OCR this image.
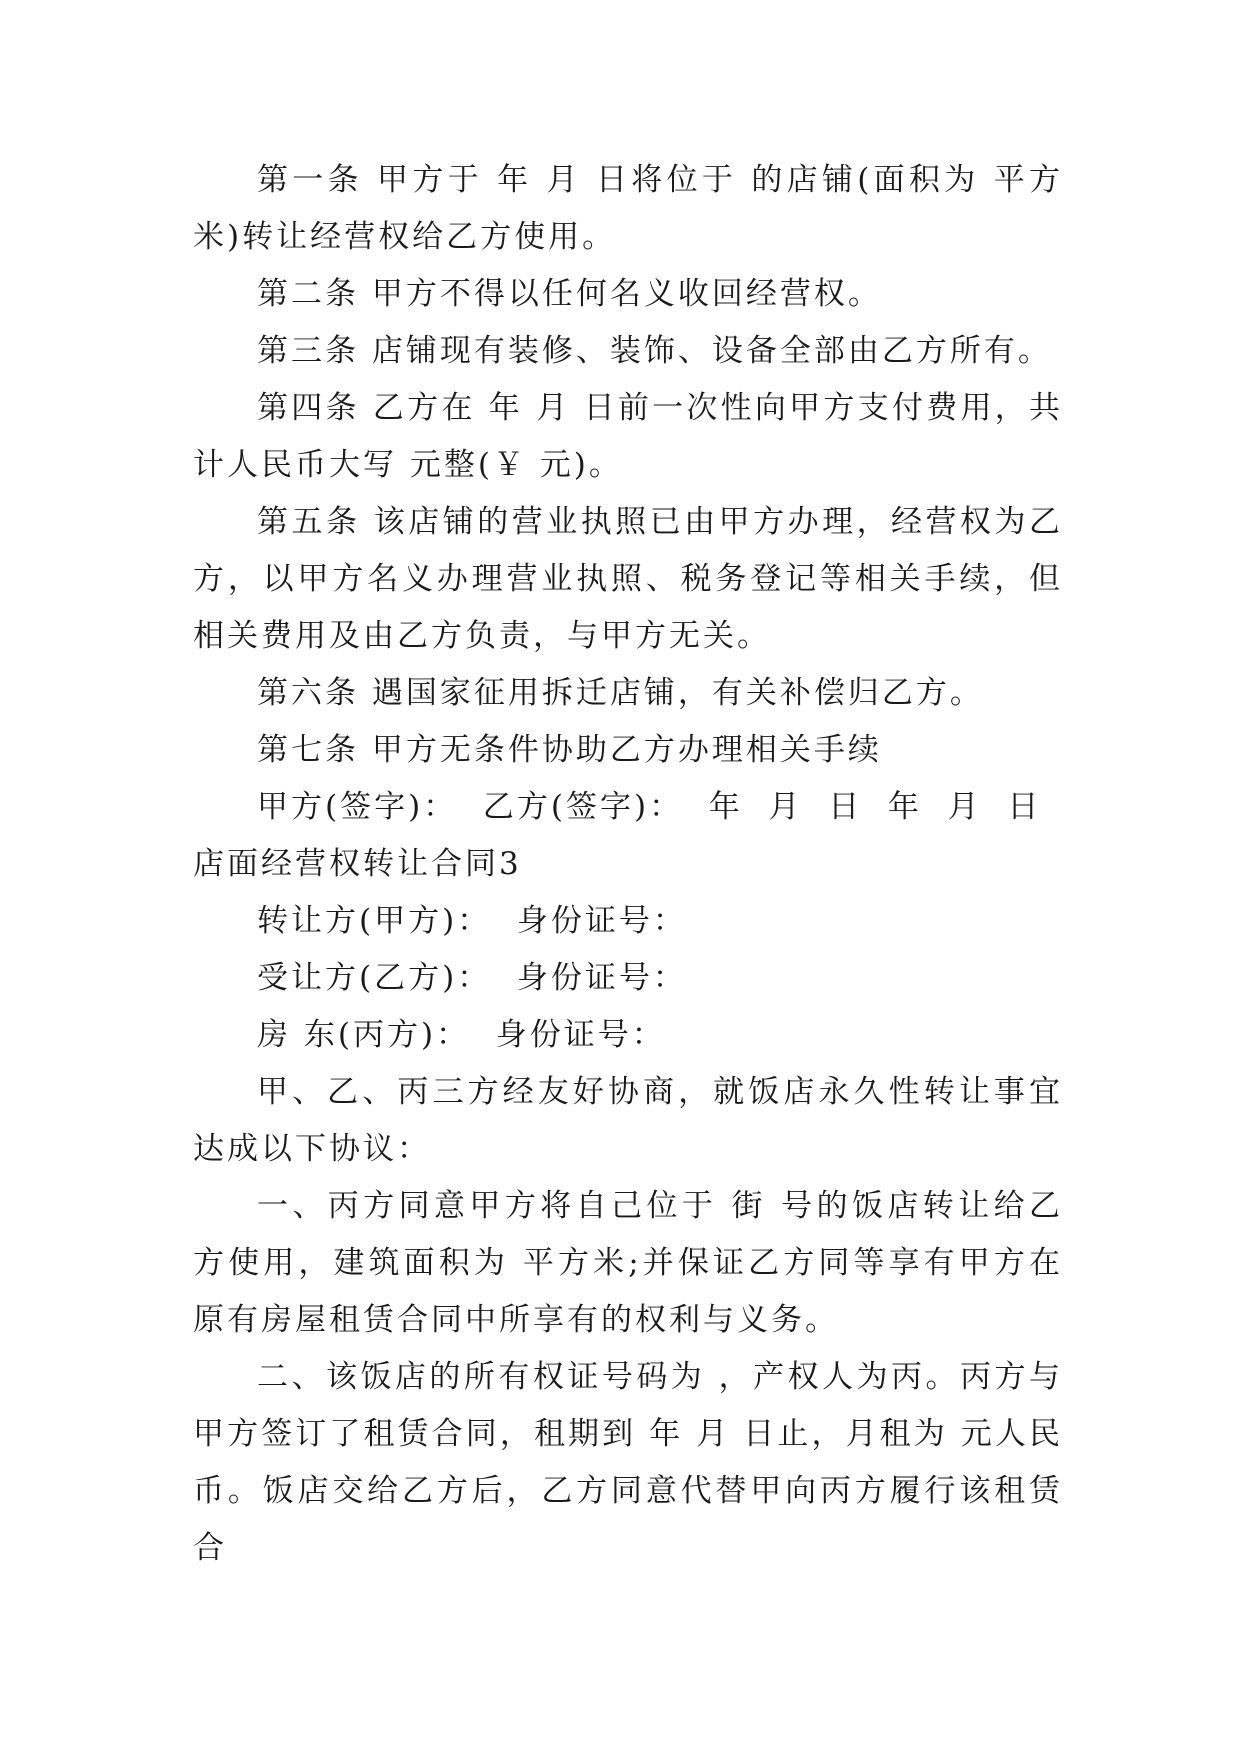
第一条 甲方于 年 月 日将位于 的店铺(面积为 平方米)转让经营权给乙方使用。

第二条 甲方不得以任何名义收回经营权。

第三条 店铺现有装修、装饰、设备全部由乙方所有。

第四条 乙方在 年 月 日前一次性向甲方支付费用，共计人民币大写 元整(￥ 元)。

第五条 该店铺的营业执照已由甲方办理，经营权为乙方，以甲方名义办理营业执照、税务登记等相关手续，但相关费用及由乙方负责，与甲方无关。

第六条 遇国家征用拆迁店铺，有关补偿归乙方。

第七条 甲方无条件协助乙方办理相关手续

甲方(签字)：  乙方(签字)：  年  月  日  年  月  日

店面经营权转让合同3

转让方(甲方)：  身份证号：

受让方(乙方)：  身份证号：

房 东(丙方)：  身份证号：

甲、乙、丙三方经友好协商，就饭店永久性转让事宜达成以下协议：

一、丙方同意甲方将自己位于 街 号的饭店转让给乙方使用，建筑面积为 平方米;并保证乙方同等享有甲方在原有房屋租赁合同中所享有的权利与义务。

二、该饭店的所有权证号码为 ，产权人为丙。丙方与甲方签订了租赁合同，租期到 年 月 日止，月租为 元人民币。饭店交给乙方后，乙方同意代替甲向丙方履行该租赁合
